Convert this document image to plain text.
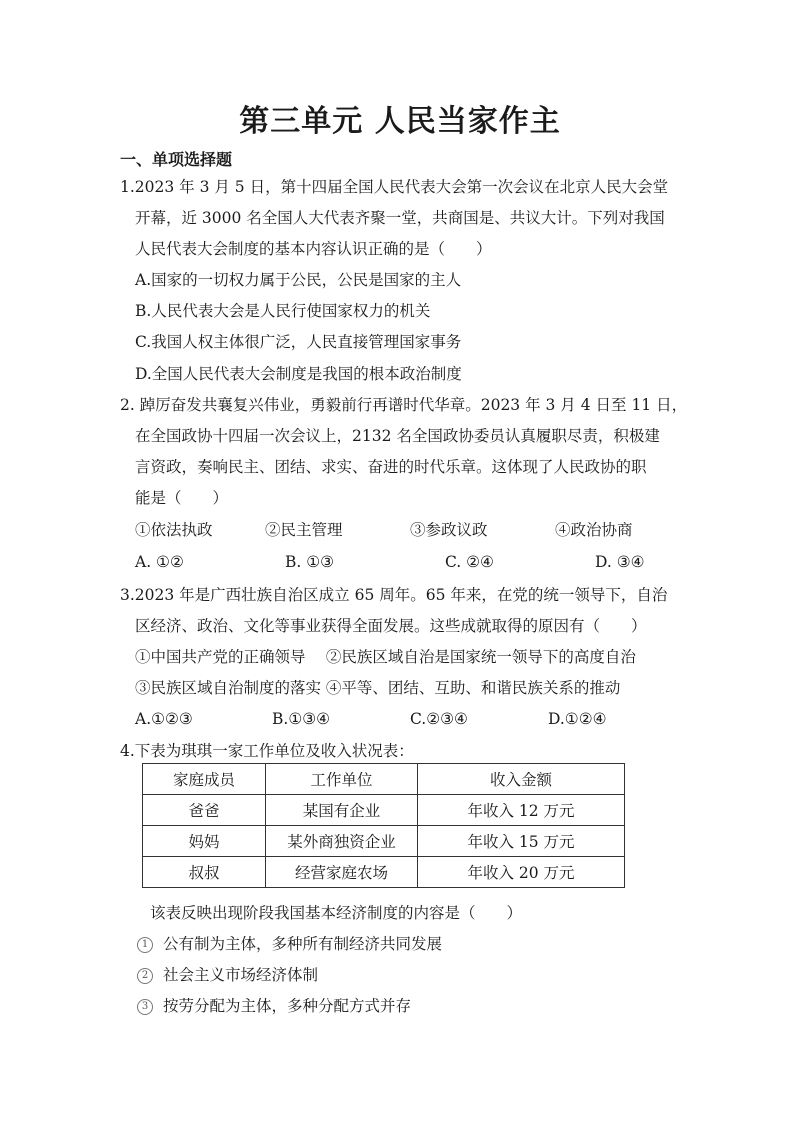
第三单元 人民当家作主
一、单项选择题
1.2023 年 3 月 5 日，第十四届全国人民代表大会第一次会议在北京人民大会堂
开幕，近 3000 名全国人大代表齐聚一堂，共商国是、共议大计。下列对我国
人民代表大会制度的基本内容认识正确的是（　　）
A.国家的一切权力属于公民，公民是国家的主人
B.人民代表大会是人民行使国家权力的机关
C.我国人权主体很广泛，人民直接管理国家事务
D.全国人民代表大会制度是我国的根本政治制度
2. 踔厉奋发共襄复兴伟业，勇毅前行再谱时代华章。2023 年 3 月 4 日至 11 日，
在全国政协十四届一次会议上，2132 名全国政协委员认真履职尽责，积极建
言资政，奏响民主、团结、求实、奋进的时代乐章。这体现了人民政协的职
能是（　　）
①依法执政	②民主管理	③参政议政	④政治协商
A. ①②	B. ①③	C. ②④	D. ③④
3.2023 年是广西壮族自治区成立 65 周年。65 年来，在党的统一领导下，自治
区经济、政治、文化等事业获得全面发展。这些成就取得的原因有（　　）
①中国共产党的正确领导　 ②民族区域自治是国家统一领导下的高度自治
③民族区域自治制度的落实 ④平等、团结、互助、和谐民族关系的推动
A.①②③	B.①③④	C.②③④	D.①②④
4.下表为琪琪一家工作单位及收入状况表：
家庭成员	工作单位	收入金额
爸爸	某国有企业	年收入 12 万元
妈妈	某外商独资企业	年收入 15 万元
叔叔	经营家庭农场	年收入 20 万元
该表反映出现阶段我国基本经济制度的内容是（　　）
1 公有制为主体，多种所有制经济共同发展
2 社会主义市场经济体制
3 按劳分配为主体，多种分配方式并存
